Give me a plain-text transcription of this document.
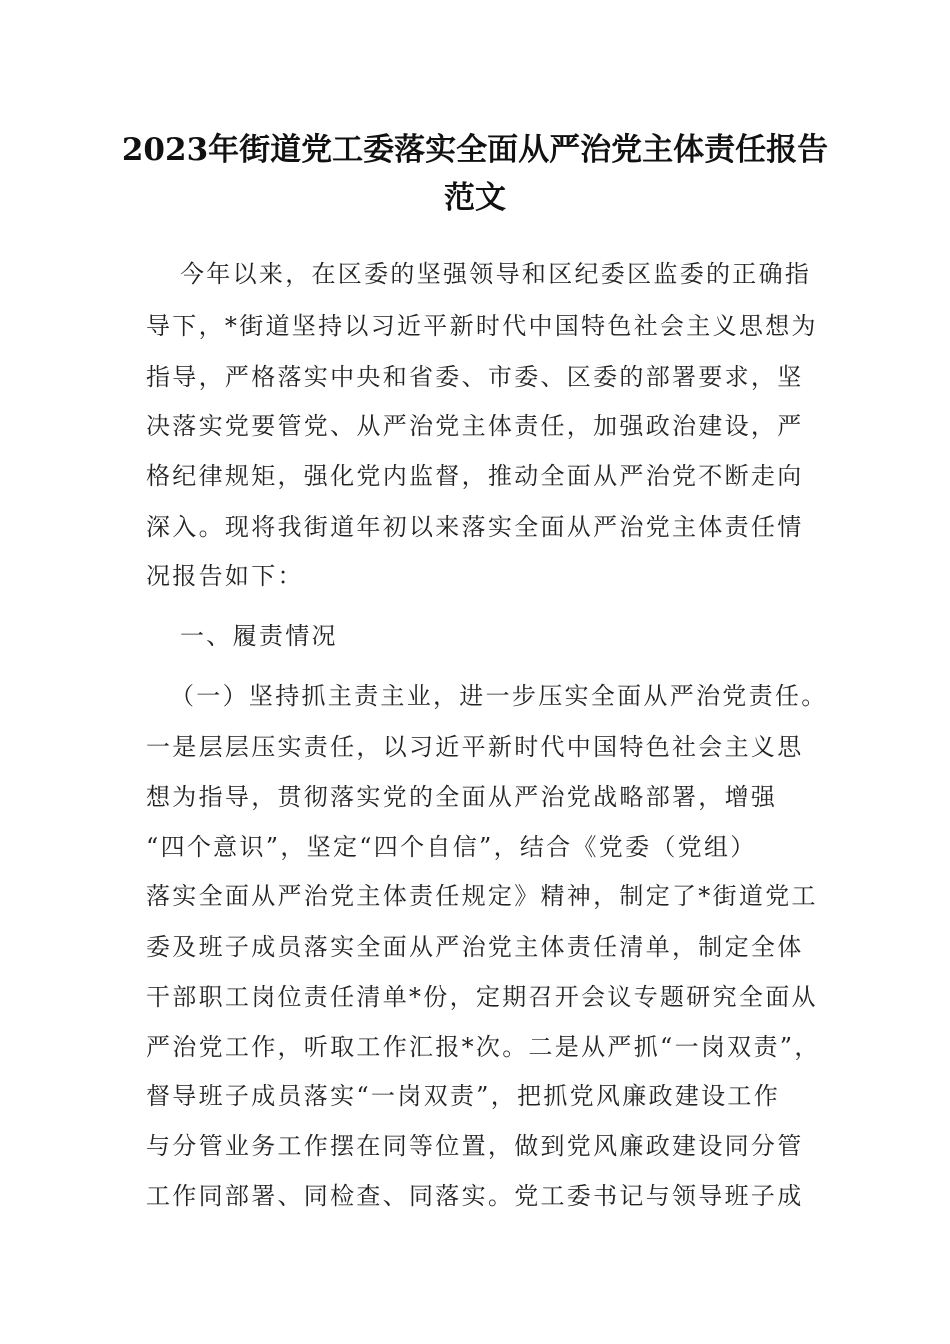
2023年街道党工委落实全面从严治党主体责任报告
范文
今年以来，在区委的坚强领导和区纪委区监委的正确指
导下，*街道坚持以习近平新时代中国特色社会主义思想为
指导，严格落实中央和省委、市委、区委的部署要求，坚
决落实党要管党、从严治党主体责任，加强政治建设，严
格纪律规矩，强化党内监督，推动全面从严治党不断走向
深入。现将我街道年初以来落实全面从严治党主体责任情
况报告如下：
一、履责情况
（一）坚持抓主责主业，进一步压实全面从严治党责任。
一是层层压实责任，以习近平新时代中国特色社会主义思
想为指导，贯彻落实党的全面从严治党战略部署，增强
“四个意识”，坚定“四个自信”，结合《党委（党组）
落实全面从严治党主体责任规定》精神，制定了*街道党工
委及班子成员落实全面从严治党主体责任清单，制定全体
干部职工岗位责任清单*份，定期召开会议专题研究全面从
严治党工作，听取工作汇报*次。二是从严抓“一岗双责”，
督导班子成员落实“一岗双责”，把抓党风廉政建设工作
与分管业务工作摆在同等位置，做到党风廉政建设同分管
工作同部署、同检查、同落实。党工委书记与领导班子成
